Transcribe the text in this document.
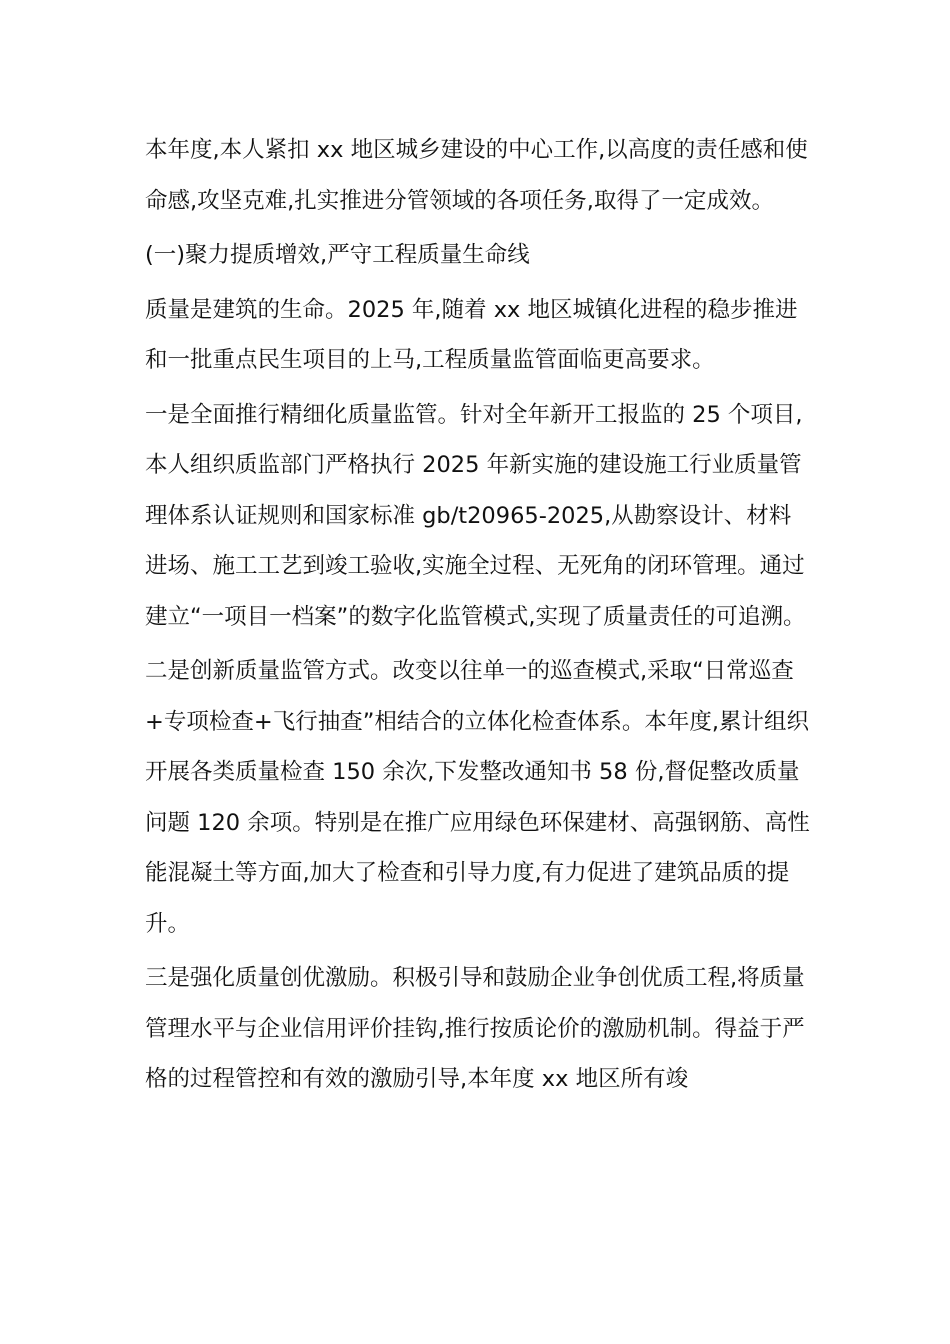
本年度,本人紧扣 xx 地区城乡建设的中心工作,以高度的责任感和使命感,攻坚克难,扎实推进分管领域的各项任务,取得了一定成效。

(一)聚力提质增效,严守工程质量生命线

质量是建筑的生命。2025 年,随着 xx 地区城镇化进程的稳步推进和一批重点民生项目的上马,工程质量监管面临更高要求。

一是全面推行精细化质量监管。针对全年新开工报监的 25 个项目,本人组织质监部门严格执行 2025 年新实施的建设施工行业质量管理体系认证规则和国家标准 gb/t20965-2025,从勘察设计、材料进场、施工工艺到竣工验收,实施全过程、无死角的闭环管理。通过建立“一项目一档案”的数字化监管模式,实现了质量责任的可追溯。

二是创新质量监管方式。改变以往单一的巡查模式,采取“日常巡查+专项检查+飞行抽查”相结合的立体化检查体系。本年度,累计组织开展各类质量检查 150 余次,下发整改通知书 58 份,督促整改质量问题 120 余项。特别是在推广应用绿色环保建材、高强钢筋、高性能混凝土等方面,加大了检查和引导力度,有力促进了建筑品质的提升。

三是强化质量创优激励。积极引导和鼓励企业争创优质工程,将质量管理水平与企业信用评价挂钩,推行按质论价的激励机制。得益于严格的过程管控和有效的激励引导,本年度 xx 地区所有竣
